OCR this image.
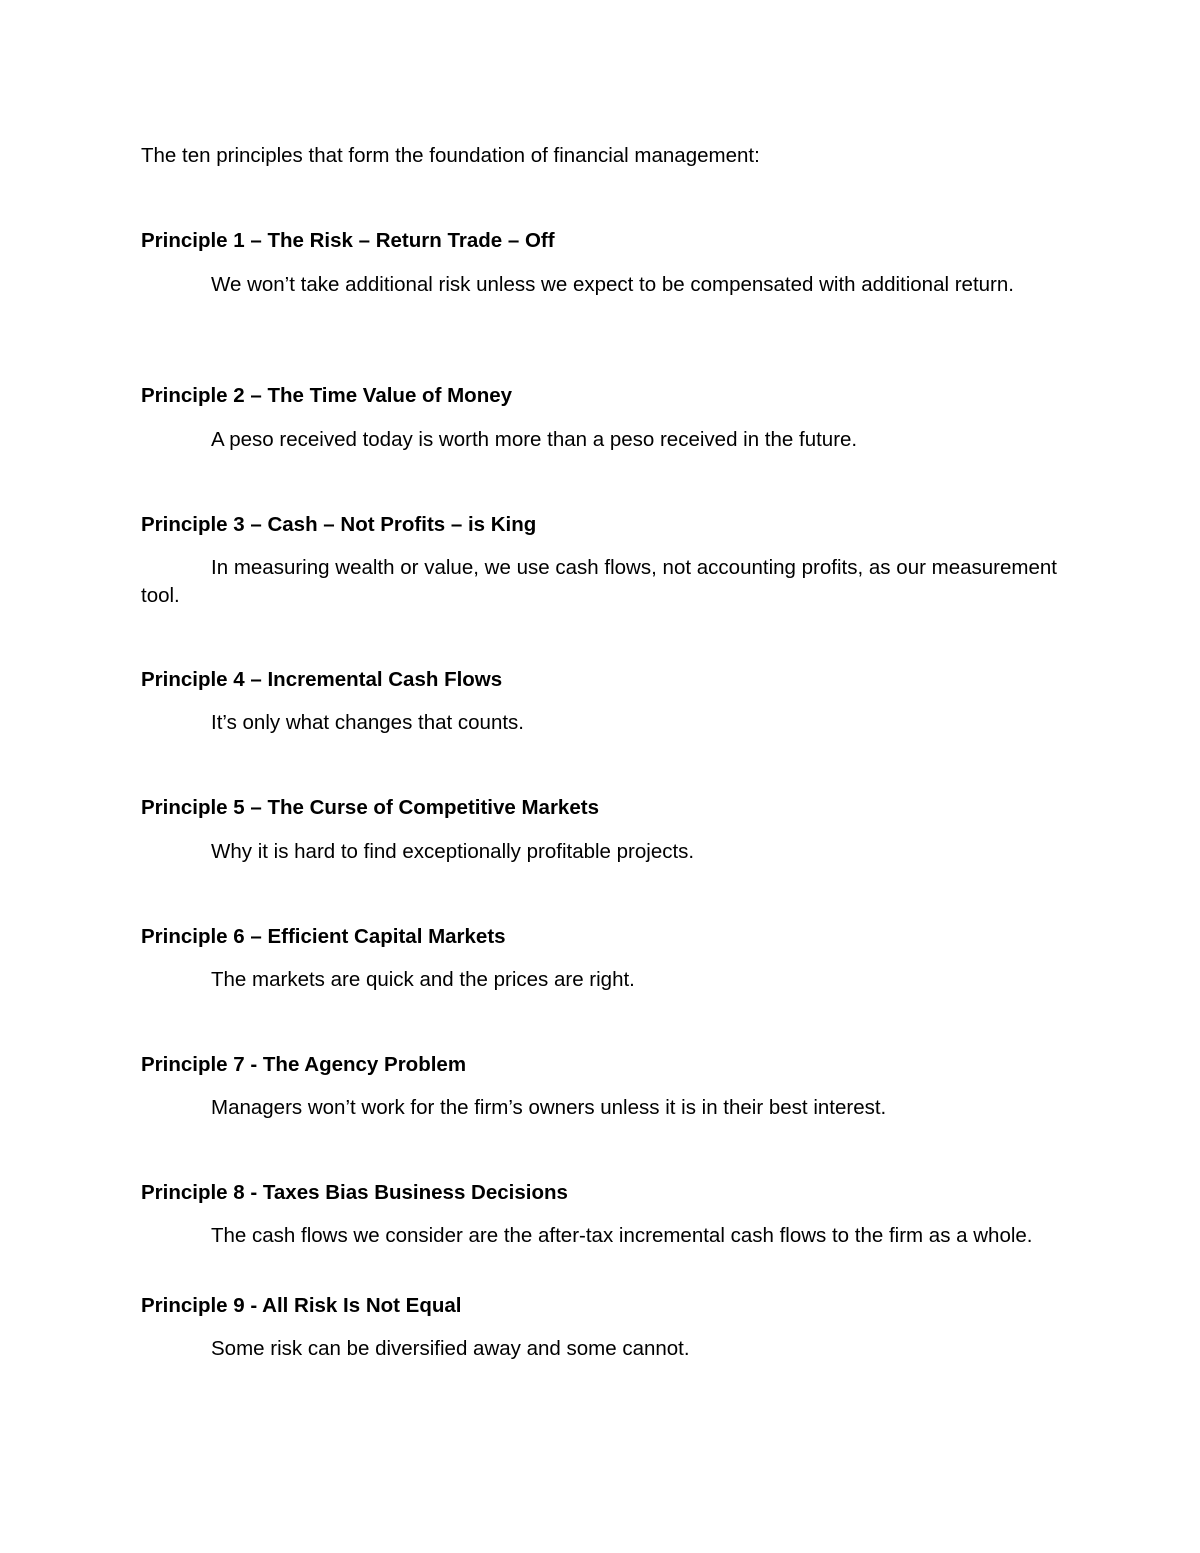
The ten principles that form the foundation of financial management:
Principle 1 – The Risk – Return Trade – Off
We won’t take additional risk unless we expect to be compensated with additional return.
Principle 2 – The Time Value of Money
A peso received today is worth more than a peso received in the future.
Principle 3 – Cash – Not Profits – is King
In measuring wealth or value, we use cash flows, not accounting profits, as our measurement tool.
Principle 4 – Incremental Cash Flows
It’s only what changes that counts.
Principle 5 – The Curse of Competitive Markets
Why it is hard to find exceptionally profitable projects.
Principle 6 – Efficient Capital Markets
The markets are quick and the prices are right.
Principle 7 - The Agency Problem
Managers won’t work for the firm’s owners unless it is in their best interest.
Principle 8 - Taxes Bias Business Decisions
The cash flows we consider are the after-tax incremental cash flows to the firm as a whole.
Principle 9 - All Risk Is Not Equal
Some risk can be diversified away and some cannot.
